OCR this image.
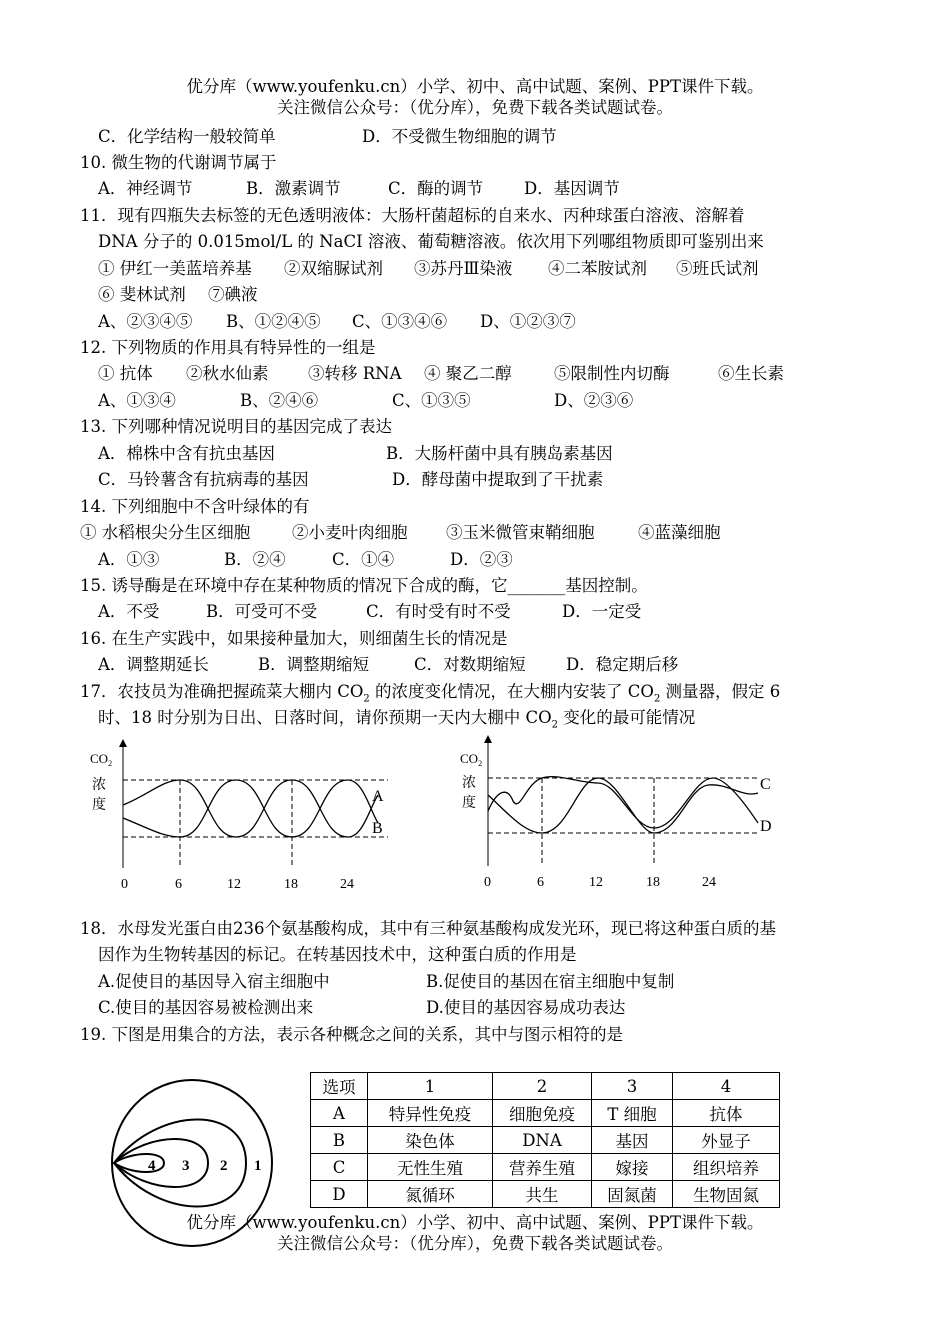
优分库（www.youfenku.cn）小学、初中、高中试题、案例、PPT课件下载。
关注微信公众号：（优分库），免费下载各类试题试卷。
C．化学结构一般较简单	D．不受微生物细胞的调节
10. 微生物的代谢调节属于
A．神经调节	B．激素调节	C．酶的调节 D．基因调节
11．现有四瓶失去标签的无色透明液体：大肠杆菌超标的自来水、丙种球蛋白溶液、溶解着
DNA 分子的 0.015mol/L 的 NaCI 溶液、葡萄糖溶液。依次用下列哪组物质即可鉴别出来
① 伊红一美蓝培养基 ②双缩脲试剂 ③苏丹Ⅲ染液 ④二苯胺试剂 ⑤班氏试剂
⑥ 斐林试剂 ⑦碘液
A、②③④⑤ B、①②④⑤ C、①③④⑥ D、①②③⑦
12. 下列物质的作用具有特异性的一组是
① 抗体 ②秋水仙素 ③转移 RNA ④ 聚乙二醇	⑤限制性内切酶	⑥生长素
A、①③④	B、②④⑥	C、①③⑤	D、②③⑥
13. 下列哪种情况说明目的基因完成了表达
A．棉株中含有抗虫基因	B．大肠杆菌中具有胰岛素基因
C．马铃薯含有抗病毒的基因	D．酵母菌中提取到了干扰素
14. 下列细胞中不含叶绿体的有
① 水稻根尖分生区细胞	②小麦叶肉细胞 ③玉米微管束鞘细胞	④蓝藻细胞
A．①③	B．②④	C．①④	D．②③
15. 诱导酶是在环境中存在某种物质的情况下合成的酶，它_______基因控制。
A．不受	B．可受可不受	C．有时受有时不受	D．一定受
16. 在生产实践中，如果接种量加大，则细菌生长的情况是
A．调整期延长	B．调整期缩短	C．对数期缩短 D．稳定期后移
17．农技员为准确把握疏菜大棚内 $CO_2$ 的浓度变化情况，在大棚内安装了 $CO_2$ 测量器，假定 6
时、18 时分别为日出、日落时间，请你预期一天内大棚中 $CO_2$ 变化的最可能情况
$CO_2$
浓
度
A
B
0	6	12	18	24
$CO_2$
浓
度
C
D
0	6	12	18	24
18．水母发光蛋白由236个氨基酸构成，其中有三种氨基酸构成发光环，现已将这种蛋白质的基
因作为生物转基因的标记。在转基因技术中，这种蛋白质的作用是
A.促使目的基因导入宿主细胞中	B.促使目的基因在宿主细胞中复制
C.使目的基因容易被检测出来	D.使目的基因容易成功表达
19. 下图是用集合的方法，表示各种概念之间的关系，其中与图示相符的是
4 3 2 1
选项	1	2	3	4
A	特异性免疫	细胞免疫	T 细胞	抗体
B	染色体	DNA	基因	外显子
C	无性生殖	营养生殖	嫁接	组织培养
D	氮循环	共生	固氮菌	生物固氮
优分库（www.youfenku.cn）小学、初中、高中试题、案例、PPT课件下载。
关注微信公众号：（优分库），免费下载各类试题试卷。
